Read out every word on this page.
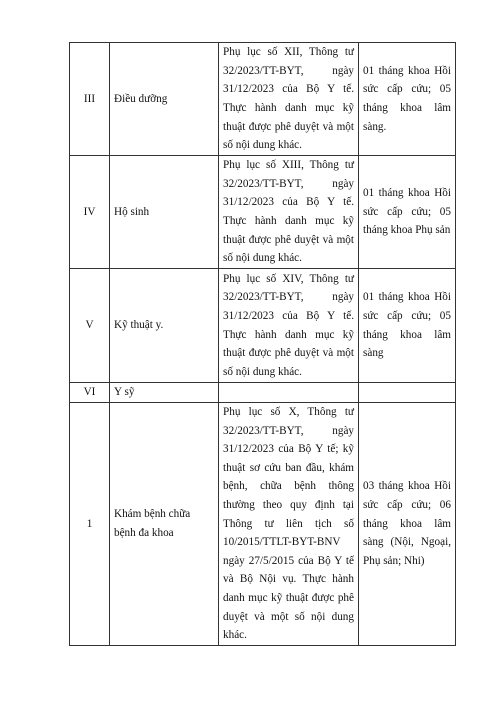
III	Điều dưỡng	Phụ lục số XII, Thông tư 32/2023/TT-BYT, ngày 31/12/2023 của Bộ Y tế. Thực hành danh mục kỹ thuật được phê duyệt và một số nội dung khác.	01 tháng khoa Hồi sức cấp cứu; 05 tháng khoa lâm sàng.

IV	Hộ sinh	Phụ lục số XIII, Thông tư 32/2023/TT-BYT, ngày 31/12/2023 của Bộ Y tế. Thực hành danh mục kỹ thuật được phê duyệt và một số nội dung khác.	01 tháng khoa Hồi sức cấp cứu; 05 tháng khoa Phụ sản

V	Kỹ thuật y.	Phụ lục số XIV, Thông tư 32/2023/TT-BYT, ngày 31/12/2023 của Bộ Y tế. Thực hành danh mục kỹ thuật được phê duyệt và một số nội dung khác.	01 tháng khoa Hồi sức cấp cứu; 05 tháng khoa lâm sàng

VI	Y sỹ		
1	Khám bệnh chữa bệnh đa khoa	Phụ lục số X, Thông tư 32/2023/TT-BYT, ngày 31/12/2023 của Bộ Y tế; kỹ thuật sơ cứu ban đầu, khám bệnh, chữa bệnh thông thường theo quy định tại Thông tư liên tịch số 10/2015/TTLT-BYT-BNV ngày 27/5/2015 của Bộ Y tế và Bộ Nội vụ. Thực hành danh mục kỹ thuật được phê duyệt và một số nội dung khác.	03 tháng khoa Hồi sức cấp cứu; 06 tháng khoa lâm sàng (Nội, Ngoại, Phụ sản; Nhi)
